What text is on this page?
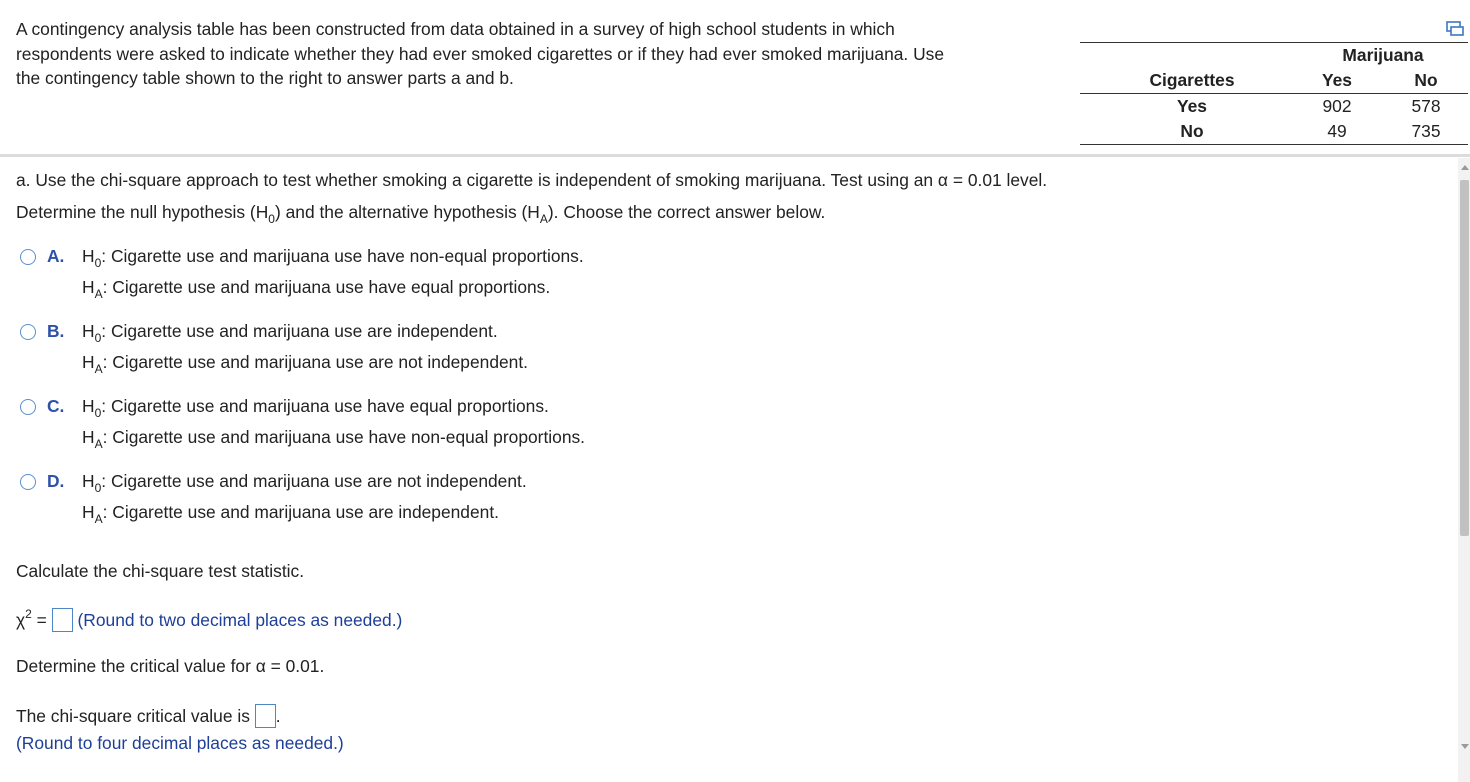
A contingency analysis table has been constructed from data obtained in a survey of high school students in which
respondents were asked to indicate whether they had ever smoked cigarettes or if they had ever smoked marijuana. Use
the contingency table shown to the right to answer parts a and b.
Marijuana
Cigarettes	Yes	No
Yes	902	578
No	49	735
a. Use the chi-square approach to test whether smoking a cigarette is independent of smoking marijuana. Test using an α = 0.01 level.
Determine the null hypothesis $(H_0)$ and the alternative hypothesis $(H_A)$. Choose the correct answer below.
A. $H_0$: Cigarette use and marijuana use have non-equal proportions.
$H_A$: Cigarette use and marijuana use have equal proportions.
B. $H_0$: Cigarette use and marijuana use are independent.
$H_A$: Cigarette use and marijuana use are not independent.
C. $H_0$: Cigarette use and marijuana use have equal proportions.
$H_A$: Cigarette use and marijuana use have non-equal proportions.
D. $H_0$: Cigarette use and marijuana use are not independent.
$H_A$: Cigarette use and marijuana use are independent.
Calculate the chi-square test statistic.
$\chi^2$ = (Round to two decimal places as needed.)
Determine the critical value for α = 0.01.
The chi-square critical value is .
(Round to four decimal places as needed.)
